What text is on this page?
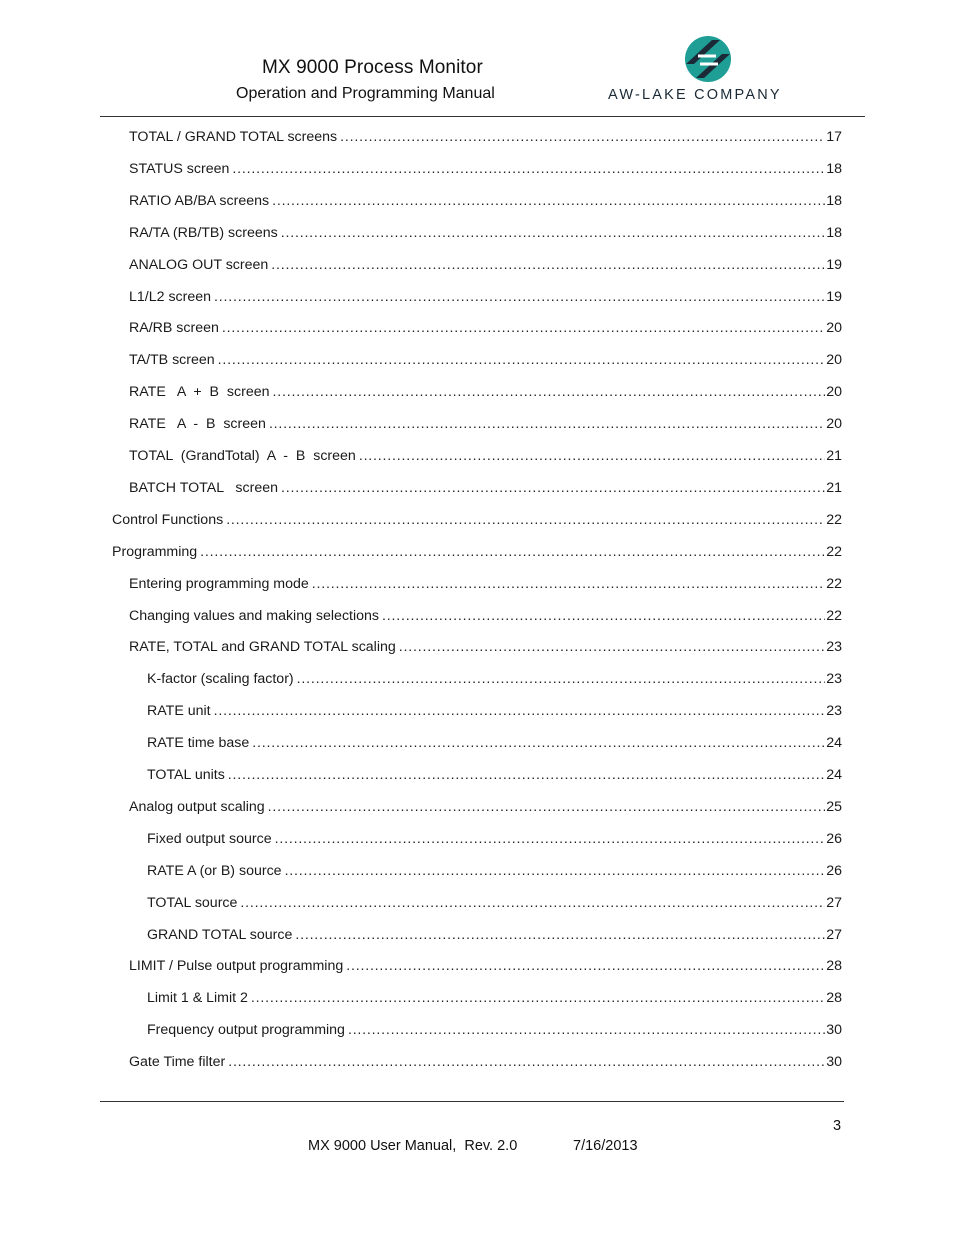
MX 9000 Process Monitor
Operation and Programming Manual	AW-LAKE COMPANY
TOTAL / GRAND TOTAL screens .....	17
STATUS screen .....	18
RATIO AB/BA screens .....	18
RA/TA (RB/TB) screens .....	18
ANALOG OUT screen .....	19
L1/L2 screen .....	19
RA/RB screen .....	20
TA/TB screen .....	20
RATE   A  +  B  screen .....	20
RATE   A  -  B  screen .....	20
TOTAL  (GrandTotal)  A  -  B  screen .....	21
BATCH TOTAL   screen .....	21
Control Functions .....	22
Programming .....	22
Entering programming mode .....	22
Changing values and making selections .....	22
RATE, TOTAL and GRAND TOTAL scaling .....	23
K-factor (scaling factor) .....	23
RATE unit .....	23
RATE time base .....	24
TOTAL units .....	24
Analog output scaling .....	25
Fixed output source .....	26
RATE A (or B) source .....	26
TOTAL source .....	27
GRAND TOTAL source .....	27
LIMIT / Pulse output programming .....	28
Limit 1 & Limit 2 .....	28
Frequency output programming .....	30
Gate Time filter .....	30
3
MX 9000 User Manual,  Rev. 2.0	7/16/2013
